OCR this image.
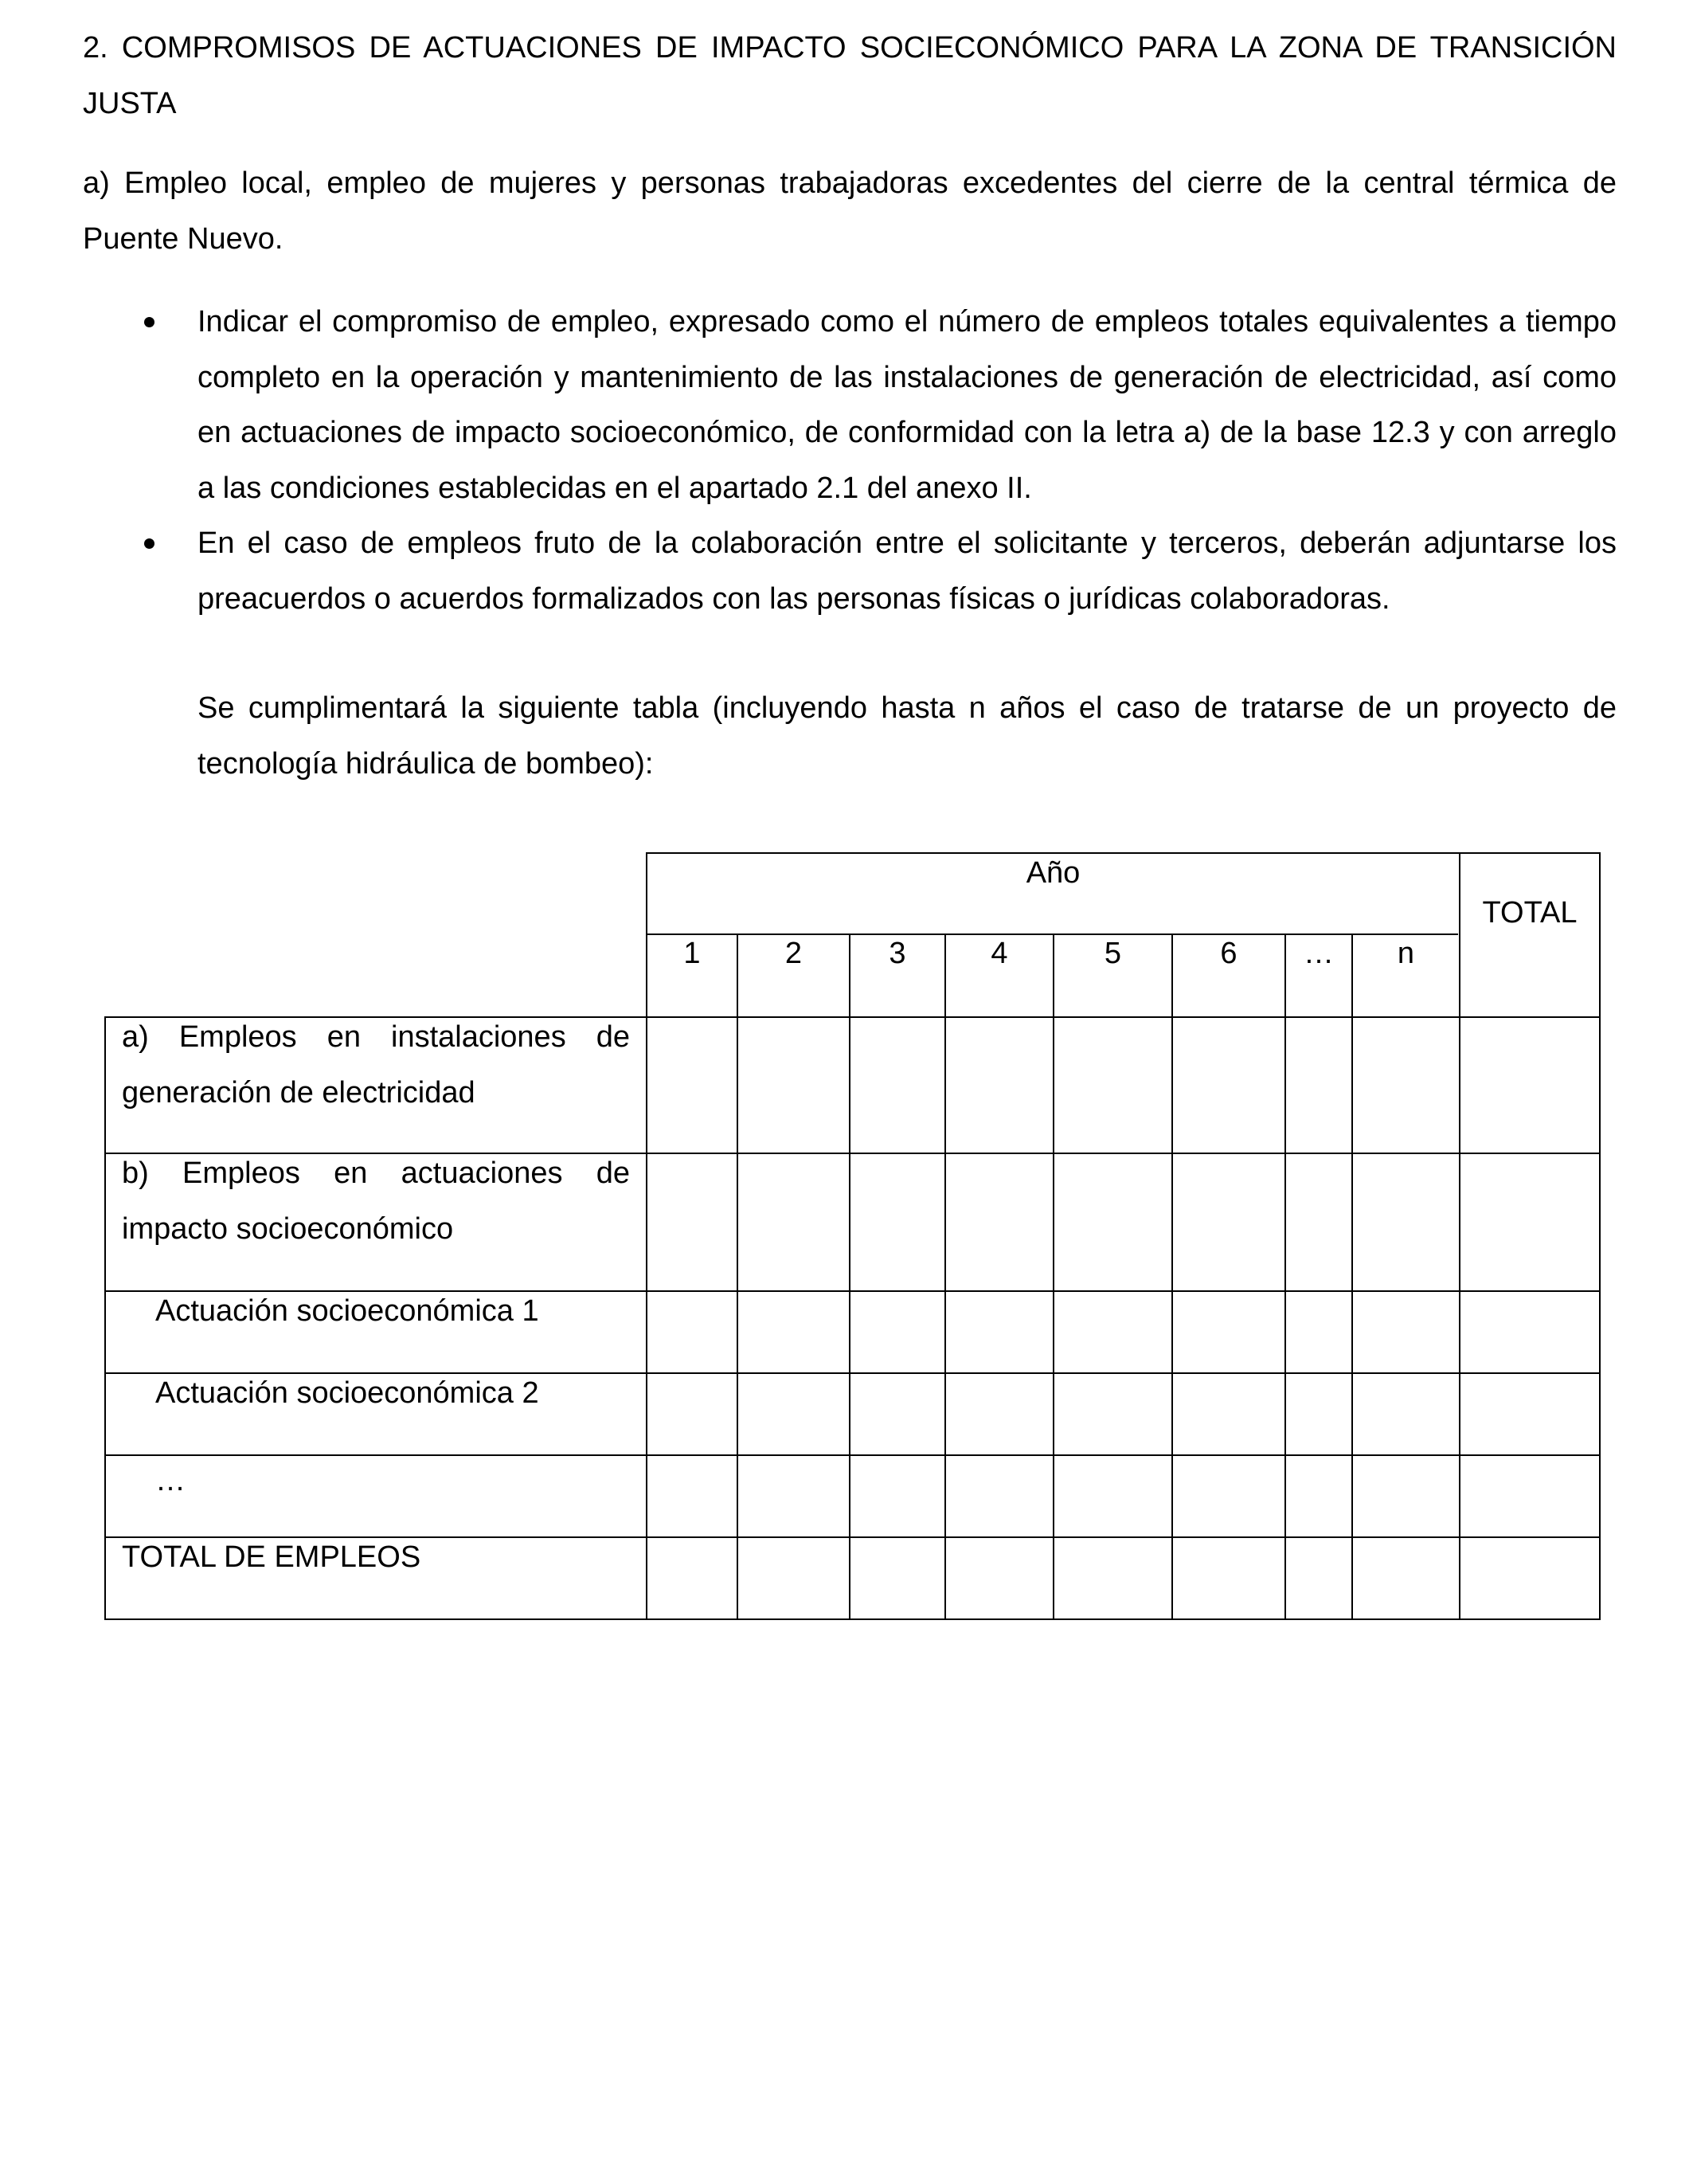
2. COMPROMISOS DE ACTUACIONES DE IMPACTO SOCIECONÓMICO PARA LA ZONA DE TRANSICIÓN JUSTA
a) Empleo local, empleo de mujeres y personas trabajadoras excedentes del cierre de la central térmica de Puente Nuevo.
Indicar el compromiso de empleo, expresado como el número de empleos totales equivalentes a tiempo completo en la operación y mantenimiento de las instalaciones de generación de electricidad, así como en actuaciones de impacto socioeconómico, de conformidad con la letra a) de la base 12.3 y con arreglo a las condiciones establecidas en el apartado 2.1 del anexo II.
En el caso de empleos fruto de la colaboración entre el solicitante y terceros, deberán adjuntarse los preacuerdos o acuerdos formalizados con las personas físicas o jurídicas colaboradoras.
Se cumplimentará la siguiente tabla (incluyendo hasta n años el caso de tratarse de un proyecto de tecnología hidráulica de bombeo):
Año
TOTAL
1	2	3	4	5	6	…	n
a) Empleos en instalaciones de generación de electricidad
b) Empleos en actuaciones de impacto socioeconómico
Actuación socioeconómica 1
Actuación socioeconómica 2
…
TOTAL DE EMPLEOS
